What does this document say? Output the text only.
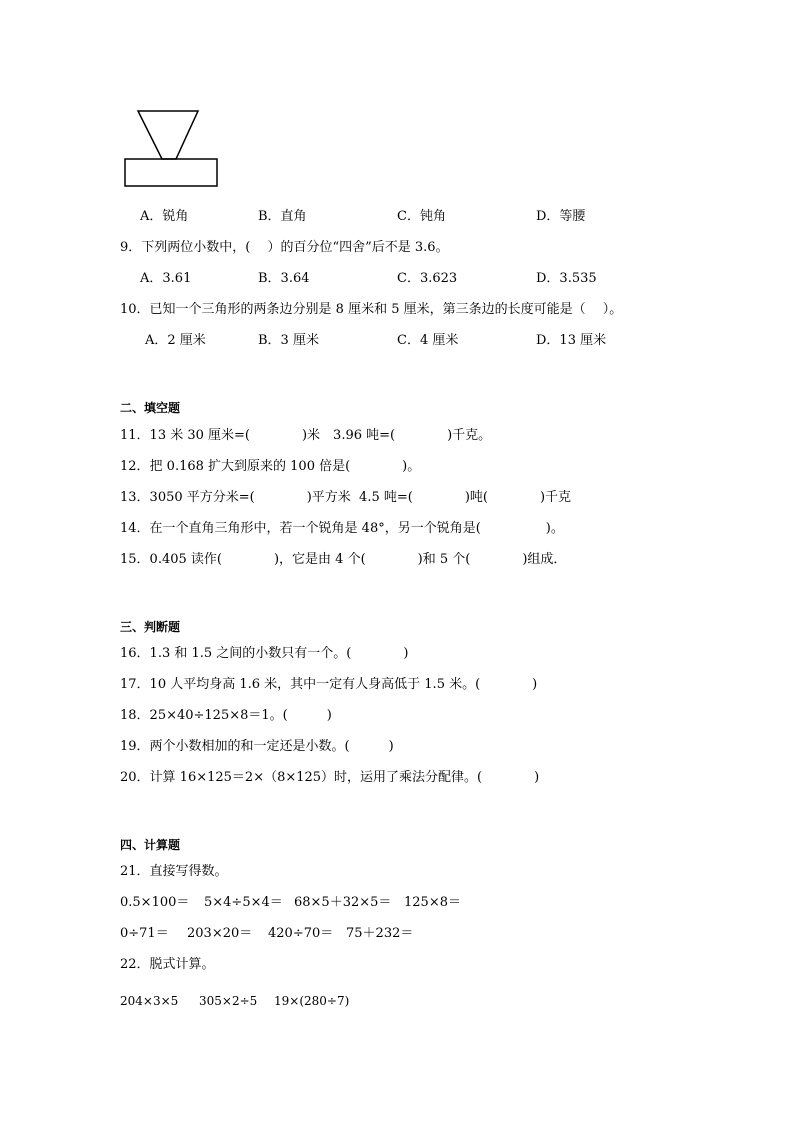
A．锐角	B．直角	C．钝角	D．等腰
9．下列两位小数中，(　 ）的百分位“四舍”后不是 3.6。
A．3.61	B．3.64	C．3.623	D．3.535
10．已知一个三角形的两条边分别是 8 厘米和 5 厘米，第三条边的长度可能是（　 ）。
A．2 厘米	B．3 厘米	C．4 厘米	D．13 厘米
二、填空题
11．13 米 30 厘米=(　　　　)米　3.96 吨=(　　　　)千克。
12．把 0.168 扩大到原来的 100 倍是(　　　　)。
13．3050 平方分米=(　　　　)平方米  4.5 吨=(　　　　)吨(　　　　)千克
14．在一个直角三角形中，若一个锐角是 48°，另一个锐角是(　　　　　)。
15．0.405 读作(　　　　)，它是由 4 个(　　　　)和 5 个(　　　　)组成．
三、判断题
16．1.3 和 1.5 之间的小数只有一个。(　　　　)
17．10 人平均身高 1.6 米，其中一定有人身高低于 1.5 米。(　　　　)
18．25×40÷125×8＝1。(　　　)
19．两个小数相加的和一定还是小数。(　　　)
20．计算 16×125＝2×（8×125）时，运用了乘法分配律。(　　　　)
四、计算题
21．直接写得数。
0.5×100＝ 5×4÷5×4＝ 68×5＋32×5＝ 125×8＝
0÷71＝ 203×20＝ 420÷70＝ 75＋232＝
22．脱式计算。
204×3×5 305×2÷5 19×(280÷7)
